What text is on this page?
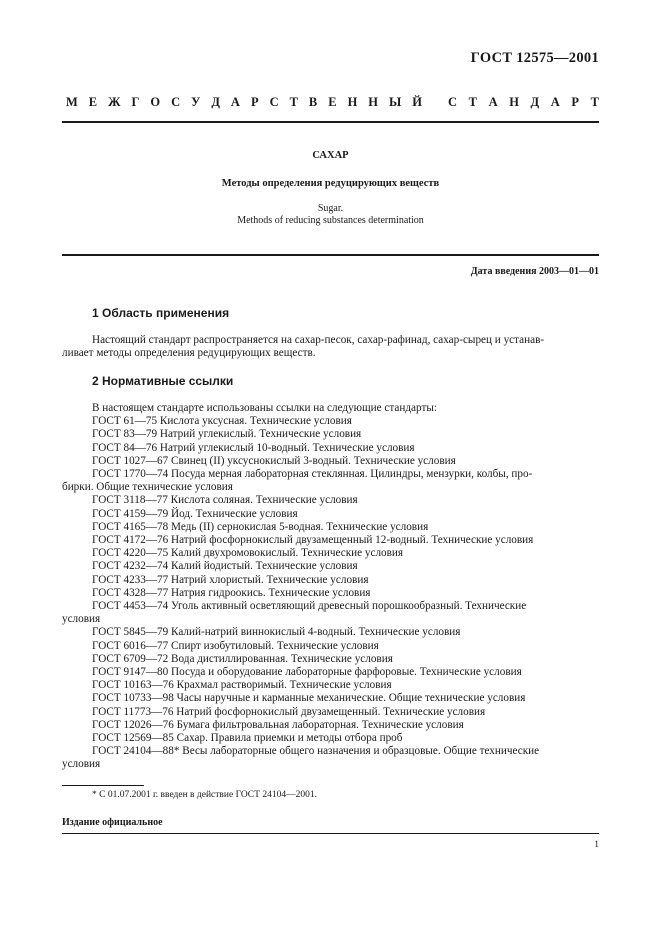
ГОСТ 12575—2001
М Е Ж Г О С У Д А Р С Т В Е Н Н Ы Й С Т А Н Д А Р Т
САХАР
Методы определения редуцирующих веществ
Sugar.
Methods of reducing substances determination
Дата введения 2003—01—01
1 Область применения
Настоящий стандарт распространяется на сахар-песок, сахар-рафинад, сахар-сырец и устанав-
ливает методы определения редуцирующих веществ.
2 Нормативные ссылки
В настоящем стандарте использованы ссылки на следующие стандарты:
ГОСТ 61—75 Кислота уксусная. Технические условия
ГОСТ 83—79 Натрий углекислый. Технические условия
ГОСТ 84—76 Натрий углекислый 10-водный. Технические условия
ГОСТ 1027—67 Свинец (II) уксуснокислый 3-водный. Технические условия
ГОСТ 1770—74 Посуда мерная лабораторная стеклянная. Цилиндры, мензурки, колбы, про-
бирки. Общие технические условия
ГОСТ 3118—77 Кислота соляная. Технические условия
ГОСТ 4159—79 Йод. Технические условия
ГОСТ 4165—78 Медь (II) сернокислая 5-водная. Технические условия
ГОСТ 4172—76 Натрий фосфорнокислый двузамещенный 12-водный. Технические условия
ГОСТ 4220—75 Калий двухромовокислый. Технические условия
ГОСТ 4232—74 Калий йодистый. Технические условия
ГОСТ 4233—77 Натрий хлористый. Технические условия
ГОСТ 4328—77 Натрия гидроокись. Технические условия
ГОСТ 4453—74 Уголь активный осветляющий древесный порошкообразный. Технические
условия
ГОСТ 5845—79 Калий-натрий виннокислый 4-водный. Технические условия
ГОСТ 6016—77 Спирт изобутиловый. Технические условия
ГОСТ 6709—72 Вода дистиллированная. Технические условия
ГОСТ 9147—80 Посуда и оборудование лабораторные фарфоровые. Технические условия
ГОСТ 10163—76 Крахмал растворимый. Технические условия
ГОСТ 10733—98 Часы наручные и карманные механические. Общие технические условия
ГОСТ 11773—76 Натрий фосфорнокислый двузамещенный. Технические условия
ГОСТ 12026—76 Бумага фильтровальная лабораторная. Технические условия
ГОСТ 12569—85 Сахар. Правила приемки и методы отбора проб
ГОСТ 24104—88* Весы лабораторные общего назначения и образцовые. Общие технические
условия
* С 01.07.2001 г. введен в действие ГОСТ 24104—2001.
Издание официальное
1
